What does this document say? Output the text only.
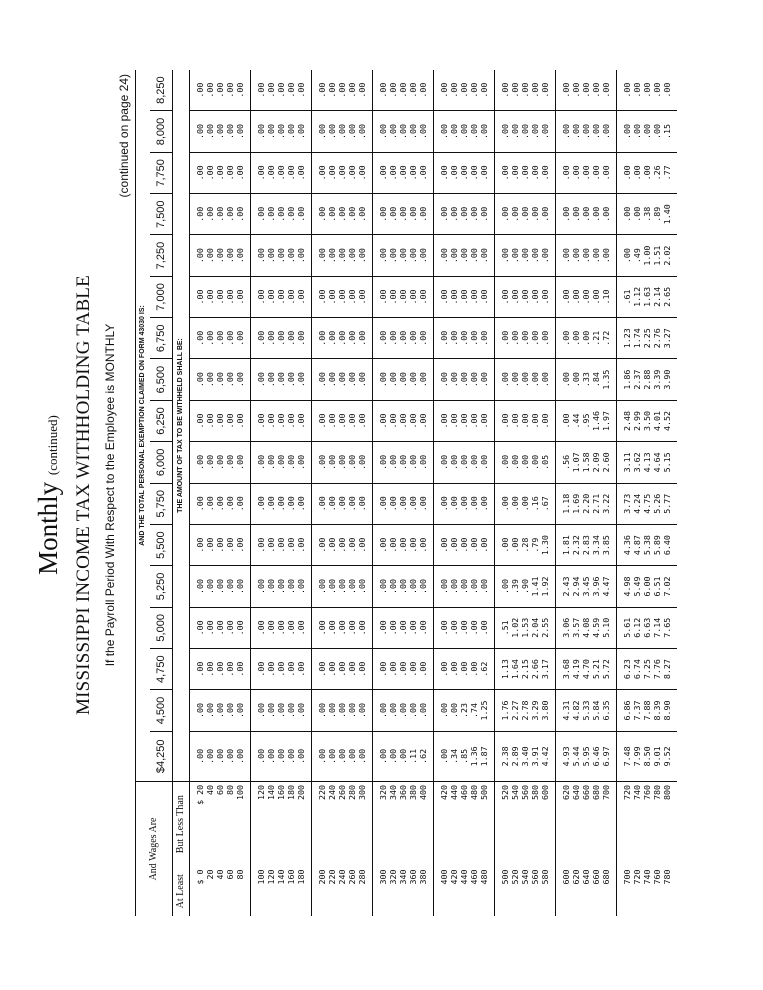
Monthly (continued) MISSISSIPPI INCOME TAX WITHHOLDING TABLE If the Payroll Period With Respect to the Employee is MONTHLY
(continued on page 24)
And Wages Are		AND THE TOTAL PERSONAL EXEMPTION CLAIMED ON FORM 43030 IS:																
		$4,250	4,500	4,750	5,000	5,250	5,500	5,750	6,000	6,250	6,500	6,750	7,000	7,250	7,500	7,750	8,000	8,250
At Least	But Less Than	THE AMOUNT OF TAX TO BE WITHHELD SHALL BE:																
$ 0	$ 20	.00	.00	.00	.00	.00	.00	.00	.00	.00	.00	.00	.00	.00	.00	.00	.00	.00
20	40	.00	.00	.00	.00	.00	.00	.00	.00	.00	.00	.00	.00	.00	.00	.00	.00	.00
40	60	.00	.00	.00	.00	.00	.00	.00	.00	.00	.00	.00	.00	.00	.00	.00	.00	.00
60	80	.00	.00	.00	.00	.00	.00	.00	.00	.00	.00	.00	.00	.00	.00	.00	.00	.00
80	100	.00	.00	.00	.00	.00	.00	.00	.00	.00	.00	.00	.00	.00	.00	.00	.00	.00
100	120	.00	.00	.00	.00	.00	.00	.00	.00	.00	.00	.00	.00	.00	.00	.00	.00	.00
120	140	.00	.00	.00	.00	.00	.00	.00	.00	.00	.00	.00	.00	.00	.00	.00	.00	.00
140	160	.00	.00	.00	.00	.00	.00	.00	.00	.00	.00	.00	.00	.00	.00	.00	.00	.00
160	180	.00	.00	.00	.00	.00	.00	.00	.00	.00	.00	.00	.00	.00	.00	.00	.00	.00
180	200	.00	.00	.00	.00	.00	.00	.00	.00	.00	.00	.00	.00	.00	.00	.00	.00	.00
200	220	.00	.00	.00	.00	.00	.00	.00	.00	.00	.00	.00	.00	.00	.00	.00	.00	.00
220	240	.00	.00	.00	.00	.00	.00	.00	.00	.00	.00	.00	.00	.00	.00	.00	.00	.00
240	260	.00	.00	.00	.00	.00	.00	.00	.00	.00	.00	.00	.00	.00	.00	.00	.00	.00
260	280	.00	.00	.00	.00	.00	.00	.00	.00	.00	.00	.00	.00	.00	.00	.00	.00	.00
280	300	.00	.00	.00	.00	.00	.00	.00	.00	.00	.00	.00	.00	.00	.00	.00	.00	.00
300	320	.00	.00	.00	.00	.00	.00	.00	.00	.00	.00	.00	.00	.00	.00	.00	.00	.00
320	340	.00	.00	.00	.00	.00	.00	.00	.00	.00	.00	.00	.00	.00	.00	.00	.00	.00
340	360	.00	.00	.00	.00	.00	.00	.00	.00	.00	.00	.00	.00	.00	.00	.00	.00	.00
360	380	.11	.00	.00	.00	.00	.00	.00	.00	.00	.00	.00	.00	.00	.00	.00	.00	.00
380	400	.62	.00	.00	.00	.00	.00	.00	.00	.00	.00	.00	.00	.00	.00	.00	.00	.00
400	420	.00	.00	.00	.00	.00	.00	.00	.00	.00	.00	.00	.00	.00	.00	.00	.00	.00
420	440	.34	.00	.00	.00	.00	.00	.00	.00	.00	.00	.00	.00	.00	.00	.00	.00	.00
440	460	.85	.23	.00	.00	.00	.00	.00	.00	.00	.00	.00	.00	.00	.00	.00	.00	.00
460	480	1.36	.74	.00	.00	.00	.00	.00	.00	.00	.00	.00	.00	.00	.00	.00	.00	.00
480	500	1.87	1.25	.62	.00	.00	.00	.00	.00	.00	.00	.00	.00	.00	.00	.00	.00	.00
500	520	2.38	1.76	1.13	.51	.00	.00	.00	.00	.00	.00	.00	.00	.00	.00	.00	.00	.00
520	540	2.89	2.27	1.64	1.02	.39	.00	.00	.00	.00	.00	.00	.00	.00	.00	.00	.00	.00
540	560	3.40	2.78	2.15	1.53	.90	.28	.00	.00	.00	.00	.00	.00	.00	.00	.00	.00	.00
560	580	3.91	3.29	2.66	2.04	1.41	.79	.16	.00	.00	.00	.00	.00	.00	.00	.00	.00	.00
580	600	4.42	3.80	3.17	2.55	1.92	1.30	.67	.05	.00	.00	.00	.00	.00	.00	.00	.00	.00
600	620	4.93	4.31	3.68	3.06	2.43	1.81	1.18	.56	.00	.00	.00	.00	.00	.00	.00	.00	.00
620	640	5.44	4.82	4.19	3.57	2.94	2.32	1.69	1.07	.44	.00	.00	.00	.00	.00	.00	.00	.00
640	660	5.95	5.33	4.70	4.08	3.45	2.83	2.20	1.58	.95	.33	.00	.00	.00	.00	.00	.00	.00
660	680	6.46	5.84	5.21	4.59	3.96	3.34	2.71	2.09	1.46	.84	.21	.00	.00	.00	.00	.00	.00
680	700	6.97	6.35	5.72	5.10	4.47	3.85	3.22	2.60	1.97	1.35	.72	.10	.00	.00	.00	.00	.00
700	720	7.48	6.86	6.23	5.61	4.98	4.36	3.73	3.11	2.48	1.86	1.23	.61	.00	.00	.00	.00	.00
720	740	7.99	7.37	6.74	6.12	5.49	4.87	4.24	3.62	2.99	2.37	1.74	1.12	.49	.00	.00	.00	.00
740	760	8.50	7.88	7.25	6.63	6.00	5.38	4.75	4.13	3.50	2.88	2.25	1.63	1.00	.38	.00	.00	.00
760	780	9.01	8.39	7.76	7.14	6.51	5.89	5.26	4.64	4.01	3.39	2.76	2.14	1.51	.89	.26	.00	.00
780	800	9.52	8.90	8.27	7.65	7.02	6.40	5.77	5.15	4.52	3.90	3.27	2.65	2.02	1.40	.77	.15	.00
